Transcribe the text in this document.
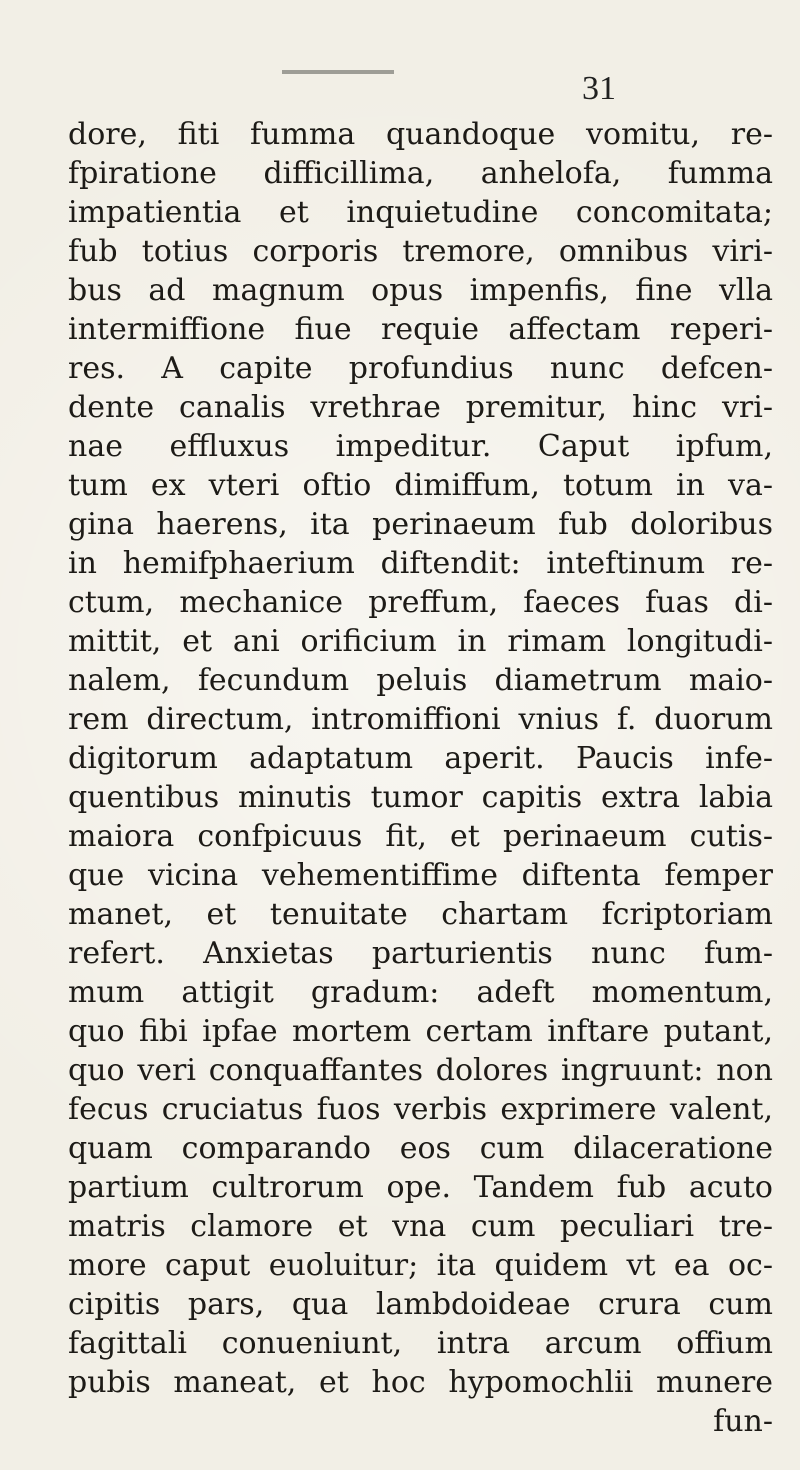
31
dore, fiti fumma quandoque vomitu, re-
fpiratione difficillima, anhelofa, fumma
impatientia et inquietudine concomitata;
fub totius corporis tremore, omnibus viri-
bus ad magnum opus impenfis, fine vlla
intermiffione fiue requie affectam reperi-
res. A capite profundius nunc defcen-
dente canalis vrethrae premitur, hinc vri-
nae effluxus impeditur. Caput ipfum,
tum ex vteri oftio dimiffum, totum in va-
gina haerens, ita perinaeum fub doloribus
in hemifphaerium diftendit: inteftinum re-
ctum, mechanice preffum, faeces fuas di-
mittit, et ani orificium in rimam longitudi-
nalem, fecundum peluis diametrum maio-
rem directum, intromiffioni vnius f. duorum
digitorum adaptatum aperit. Paucis infe-
quentibus minutis tumor capitis extra labia
maiora confpicuus fit, et perinaeum cutis-
que vicina vehementiffime diftenta femper
manet, et tenuitate chartam fcriptoriam
refert. Anxietas parturientis nunc fum-
mum attigit gradum: adeft momentum,
quo fibi ipfae mortem certam inftare putant,
quo veri conquaffantes dolores ingruunt: non
fecus cruciatus fuos verbis exprimere valent,
quam comparando eos cum dilaceratione
partium cultrorum ope. Tandem fub acuto
matris clamore et vna cum peculiari tre-
more caput euoluitur; ita quidem vt ea oc-
cipitis pars, qua lambdoideae crura cum
fagittali conueniunt, intra arcum offium
pubis maneat, et hoc hypomochlii munere
fun-
